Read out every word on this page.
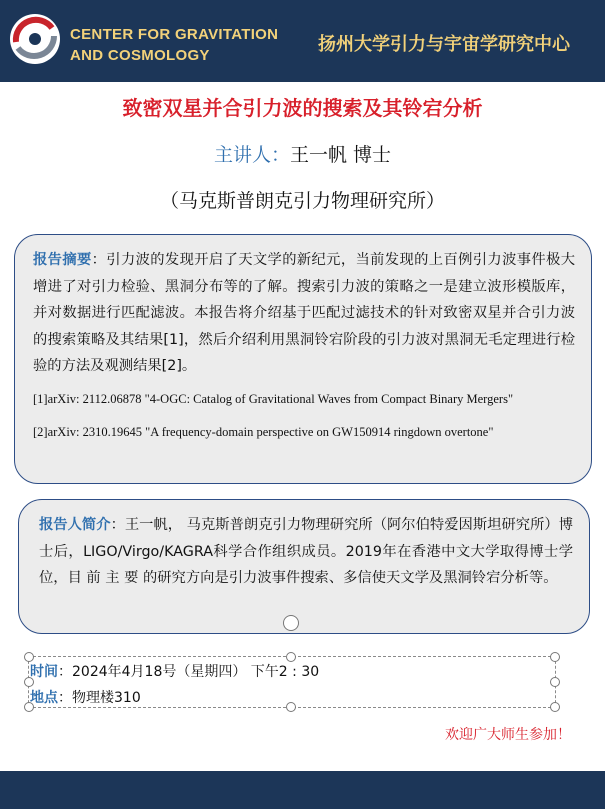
CENTER FOR GRAVITATION
AND COSMOLOGY
扬州大学引力与宇宙学研究中心
致密双星并合引力波的搜索及其铃宕分析
主讲人：王一帆 博士
（马克斯普朗克引力物理研究所）

报告摘要：引力波的发现开启了天文学的新纪元，当前发现的上百例引力波事件极大增进了对引力检验、黑洞分布等的了解。搜索引力波的策略之一是建立波形模版库，并对数据进行匹配滤波。本报告将介绍基于匹配过滤技术的针对致密双星并合引力波的搜索策略及其结果[1]，然后介绍利用黑洞铃宕阶段的引力波对黑洞无毛定理进行检验的方法及观测结果[2]。

[1]arXiv: 2112.06878 "4-OGC: Catalog of Gravitational Waves from Compact Binary Mergers"

[2]arXiv: 2310.19645 "A frequency-domain perspective on GW150914 ringdown overtone"

报告人简介：王一帆， 马克斯普朗克引力物理研究所（阿尔伯特爱因斯坦研究所）博士后，LIGO/Virgo/KAGRA科学合作组织成员。2019年在香港中文大学取得博士学位，目 前 主 要 的研究方向是引力波事件搜索、多信使天文学及黑洞铃宕分析等。

时间：2024年4月18号（星期四） 下午2 : 30
地点：物理楼310
欢迎广大师生参加！
